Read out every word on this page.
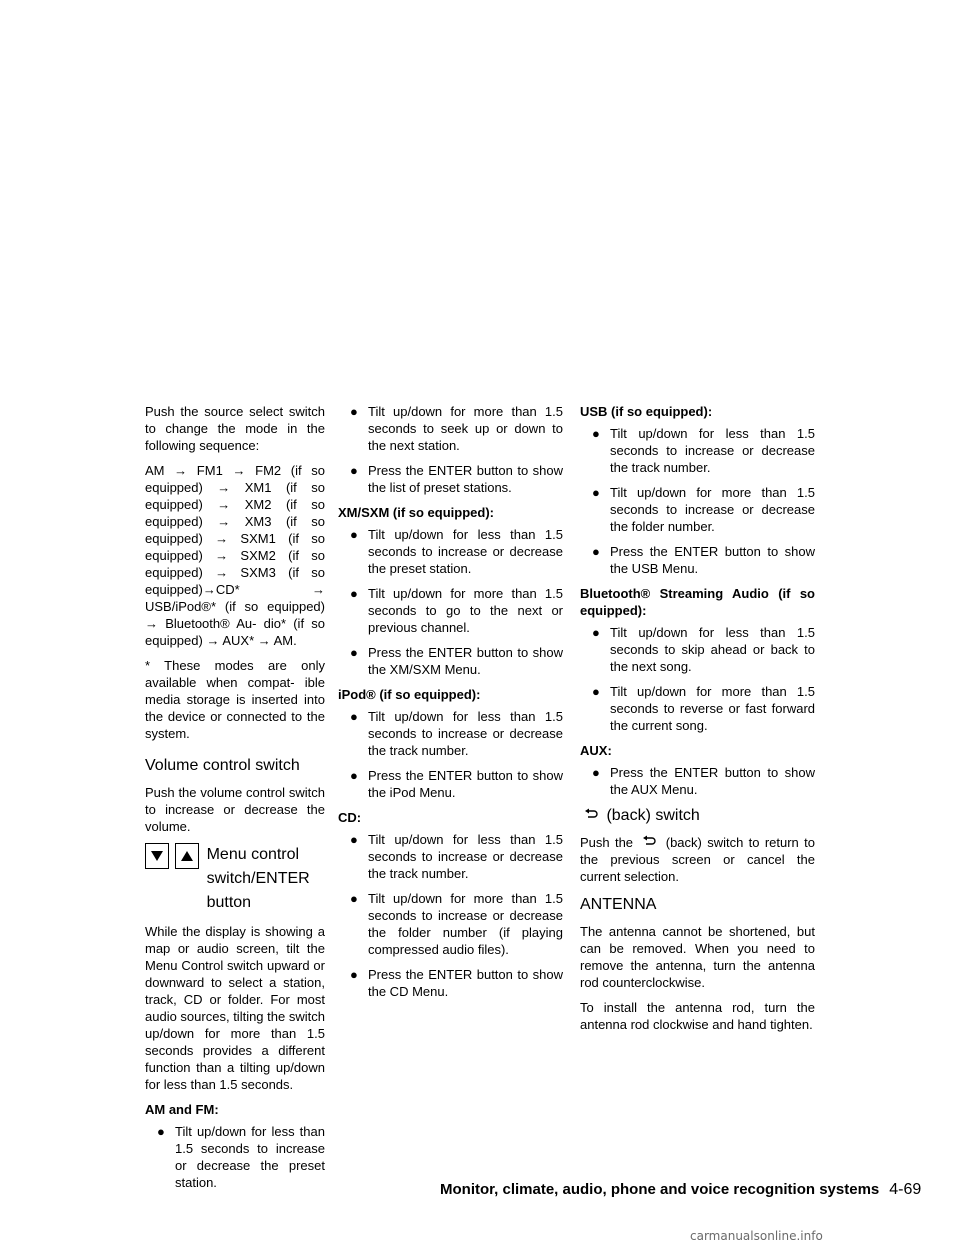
Push the source select switch to change the mode in the following sequence:

AM → FM1 → FM2 (if so equipped) → XM1 (if so equipped) → XM2 (if so equipped) → XM3 (if so equipped) → SXM1 (if so equipped) → SXM2 (if so equipped) → SXM3 (if so equipped)→CD* → USB/iPod®* (if so equipped) → Bluetooth® Au- dio* (if so equipped) → AUX* → AM.

* These modes are only available when compat- ible media storage is inserted into the device or connected to the system.

Volume control switch

Push the volume control switch to increase or decrease the volume.

Menu control
switch/ENTER button

While the display is showing a map or audio screen, tilt the Menu Control switch upward or downward to select a station, track, CD or folder. For most audio sources, tilting the switch up/down for more than 1.5 seconds provides a different function than a tilting up/down for less than 1.5 seconds.

AM and FM:
● Tilt up/down for less than 1.5 seconds to increase or decrease the preset station.
● Tilt up/down for more than 1.5 seconds to seek up or down to the next station.
● Press the ENTER button to show the list of preset stations.
XM/SXM (if so equipped):
● Tilt up/down for less than 1.5 seconds to increase or decrease the preset station.
● Tilt up/down for more than 1.5 seconds to go to the next or previous channel.
● Press the ENTER button to show the XM/SXM Menu.
iPod® (if so equipped):
● Tilt up/down for less than 1.5 seconds to increase or decrease the track number.
● Press the ENTER button to show the iPod Menu.
CD:
● Tilt up/down for less than 1.5 seconds to increase or decrease the track number.
● Tilt up/down for more than 1.5 seconds to increase or decrease the folder number (if playing compressed audio files).
● Press the ENTER button to show the CD Menu.
USB (if so equipped):
● Tilt up/down for less than 1.5 seconds to increase or decrease the track number.
● Tilt up/down for more than 1.5 seconds to increase or decrease the folder number.
● Press the ENTER button to show the USB Menu.
Bluetooth® Streaming Audio (if so equipped):
● Tilt up/down for less than 1.5 seconds to skip ahead or back to the next song.
● Tilt up/down for more than 1.5 seconds to reverse or fast forward the current song.
AUX:
● Press the ENTER button to show the AUX Menu.
(back) switch

Push the	(back) switch to return to the previous screen or cancel the current selection.

ANTENNA

The antenna cannot be shortened, but can be removed. When you need to remove the antenna, turn the antenna rod counterclockwise.

To install the antenna rod, turn the antenna rod clockwise and hand tighten.

Monitor, climate, audio, phone and voice recognition systems 4-69
carmanualsonline.info
